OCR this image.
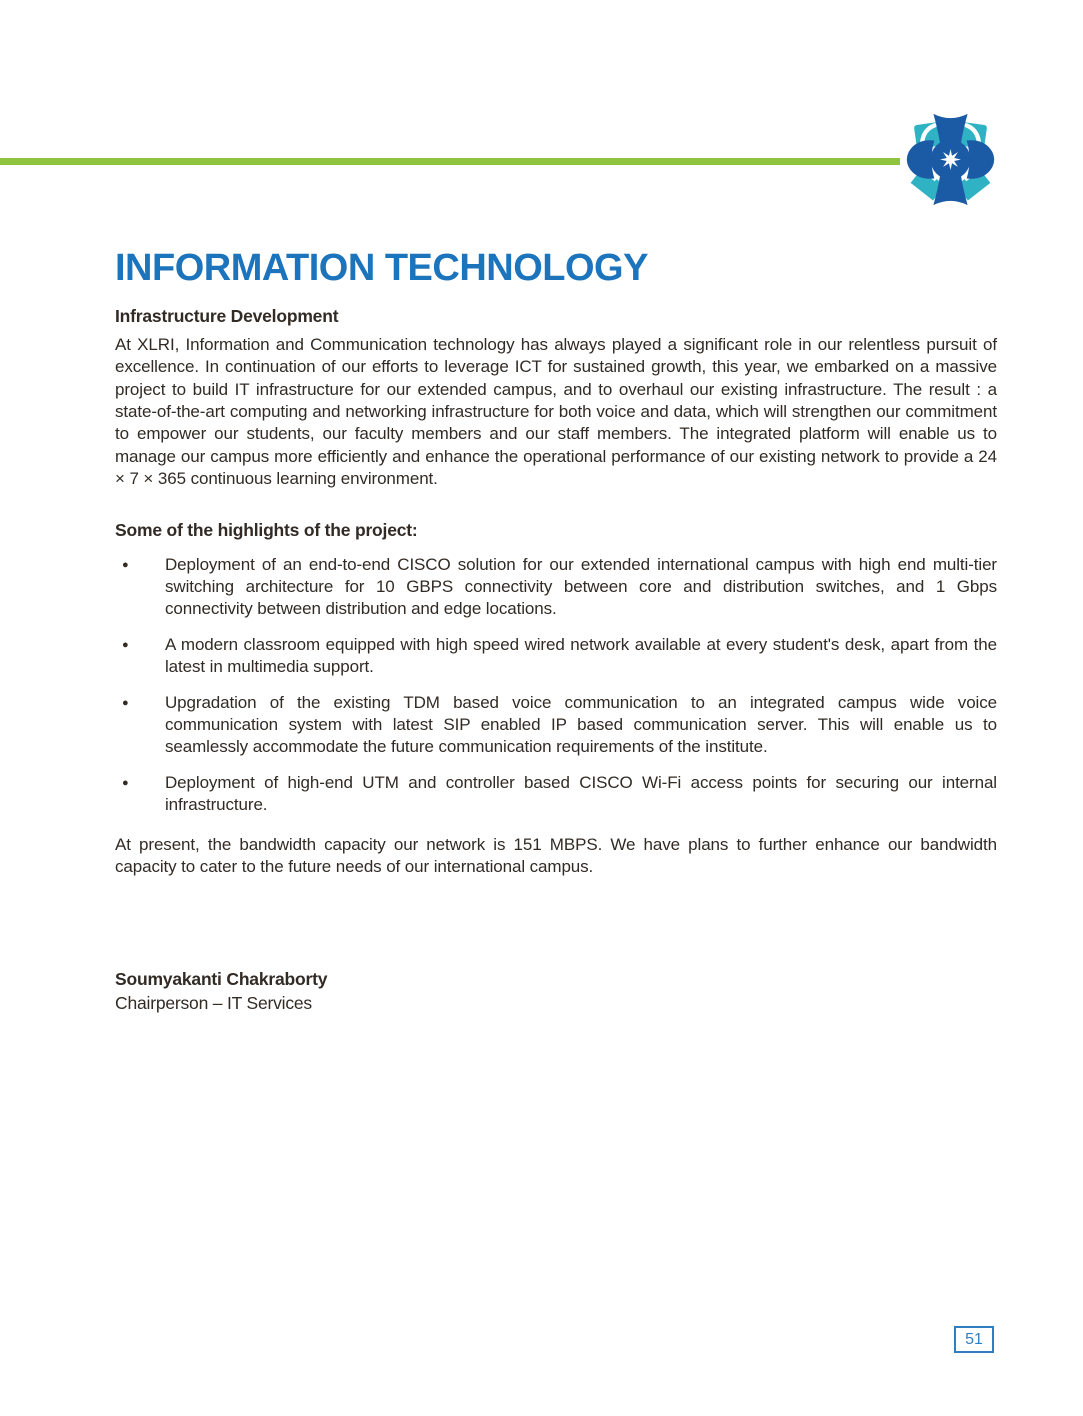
INFORMATION TECHNOLOGY
Infrastructure Development

At XLRI, Information and Communication technology has always played a significant role in our relentless pursuit of excellence. In continuation of our efforts to leverage ICT for sustained growth, this year, we embarked on a massive project to build IT infrastructure for our extended campus, and to overhaul our existing infrastructure. The result : a state-of-the-art computing and networking infrastructure for both voice and data, which will strengthen our commitment to empower our students, our faculty members and our staff members. The integrated platform will enable us to manage our campus more efficiently and enhance the operational performance of our existing network to provide a 24 × 7 × 365 continuous learning environment.

Some of the highlights of the project:
●	Deployment of an end-to-end CISCO solution for our extended international campus with high end multi-tier switching architecture for 10 GBPS connectivity between core and distribution switches, and 1 Gbps connectivity between distribution and edge locations.
●	A modern classroom equipped with high speed wired network available at every student's desk, apart from the latest in multimedia support.
●	Upgradation of the existing TDM based voice communication to an integrated campus wide voice communication system with latest SIP enabled IP based communication server. This will enable us to seamlessly accommodate the future communication requirements of the institute.
●	Deployment of high-end UTM and controller based CISCO Wi-Fi access points for securing our internal infrastructure.

At present, the bandwidth capacity our network is 151 MBPS. We have plans to further enhance our bandwidth capacity to cater to the future needs of our international campus.

Soumyakanti Chakraborty
Chairperson – IT Services
51
